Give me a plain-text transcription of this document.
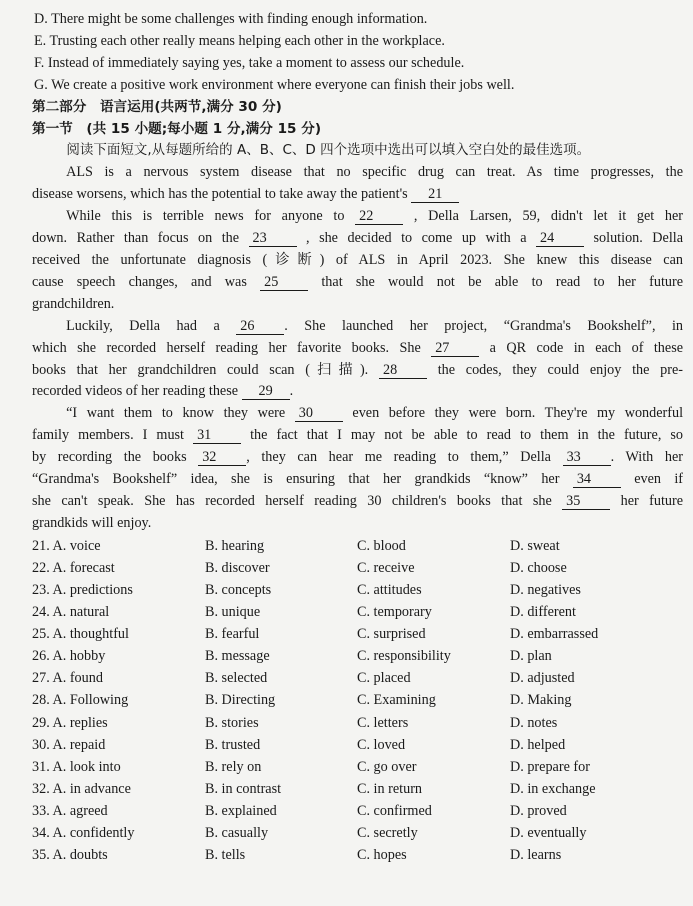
D. There might be some challenges with finding enough information.
E. Trusting each other really means helping each other in the workplace.
F. Instead of immediately saying yes, take a moment to assess our schedule.
G. We create a positive work environment where everyone can finish their jobs well.
第二部分　语言运用(共两节,满分 30 分)
第一节　(共 15 小题;每小题 1 分,满分 15 分)
阅读下面短文,从每题所给的 A、B、C、D 四个选项中选出可以填入空白处的最佳选项。
ALS is a nervous system disease that no specific drug can treat. As time progresses, the
disease worsens, which has the potential to take away the patient's 21
While this is terrible news for anyone to 22	, Della Larsen, 59, didn't let it get her
down. Rather than focus on the 23	, she decided to come up with a 24	solution. Della
received the unfortunate diagnosis (诊断) of ALS in April 2023. She knew this disease can
cause speech changes, and was 25	that she would not be able to read to her future
grandchildren.
Luckily, Della had a 26 . She launched her project, “Grandma's Bookshelf”, in
which she recorded herself reading her favorite books. She 27	a QR code in each of these
books that her grandchildren could scan (扫描). 28	the codes, they could enjoy the pre-
recorded videos of her reading these 29 .
“I want them to know they were 30	even before they were born. They're my wonderful
family members. I must 31	the fact that I may not be able to read to them in the future, so
by recording the books 32 , they can hear me reading to them,” Della 33 . With her
“Grandma's Bookshelf” idea, she is ensuring that her grandkids “know” her 34	even if
she can't speak. She has recorded herself reading 30 children's books that she 35	her future
grandkids will enjoy.
21. A. voice	B. hearing	C. blood	D. sweat
22. A. forecast	B. discover	C. receive	D. choose
23. A. predictions	B. concepts	C. attitudes	D. negatives
24. A. natural	B. unique	C. temporary	D. different
25. A. thoughtful	B. fearful	C. surprised	D. embarrassed
26. A. hobby	B. message	C. responsibility	D. plan
27. A. found	B. selected	C. placed	D. adjusted
28. A. Following	B. Directing	C. Examining	D. Making
29. A. replies	B. stories	C. letters	D. notes
30. A. repaid	B. trusted	C. loved	D. helped
31. A. look into	B. rely on	C. go over	D. prepare for
32. A. in advance	B. in contrast	C. in return	D. in exchange
33. A. agreed	B. explained	C. confirmed	D. proved
34. A. confidently	B. casually	C. secretly	D. eventually
35. A. doubts	B. tells	C. hopes	D. learns
